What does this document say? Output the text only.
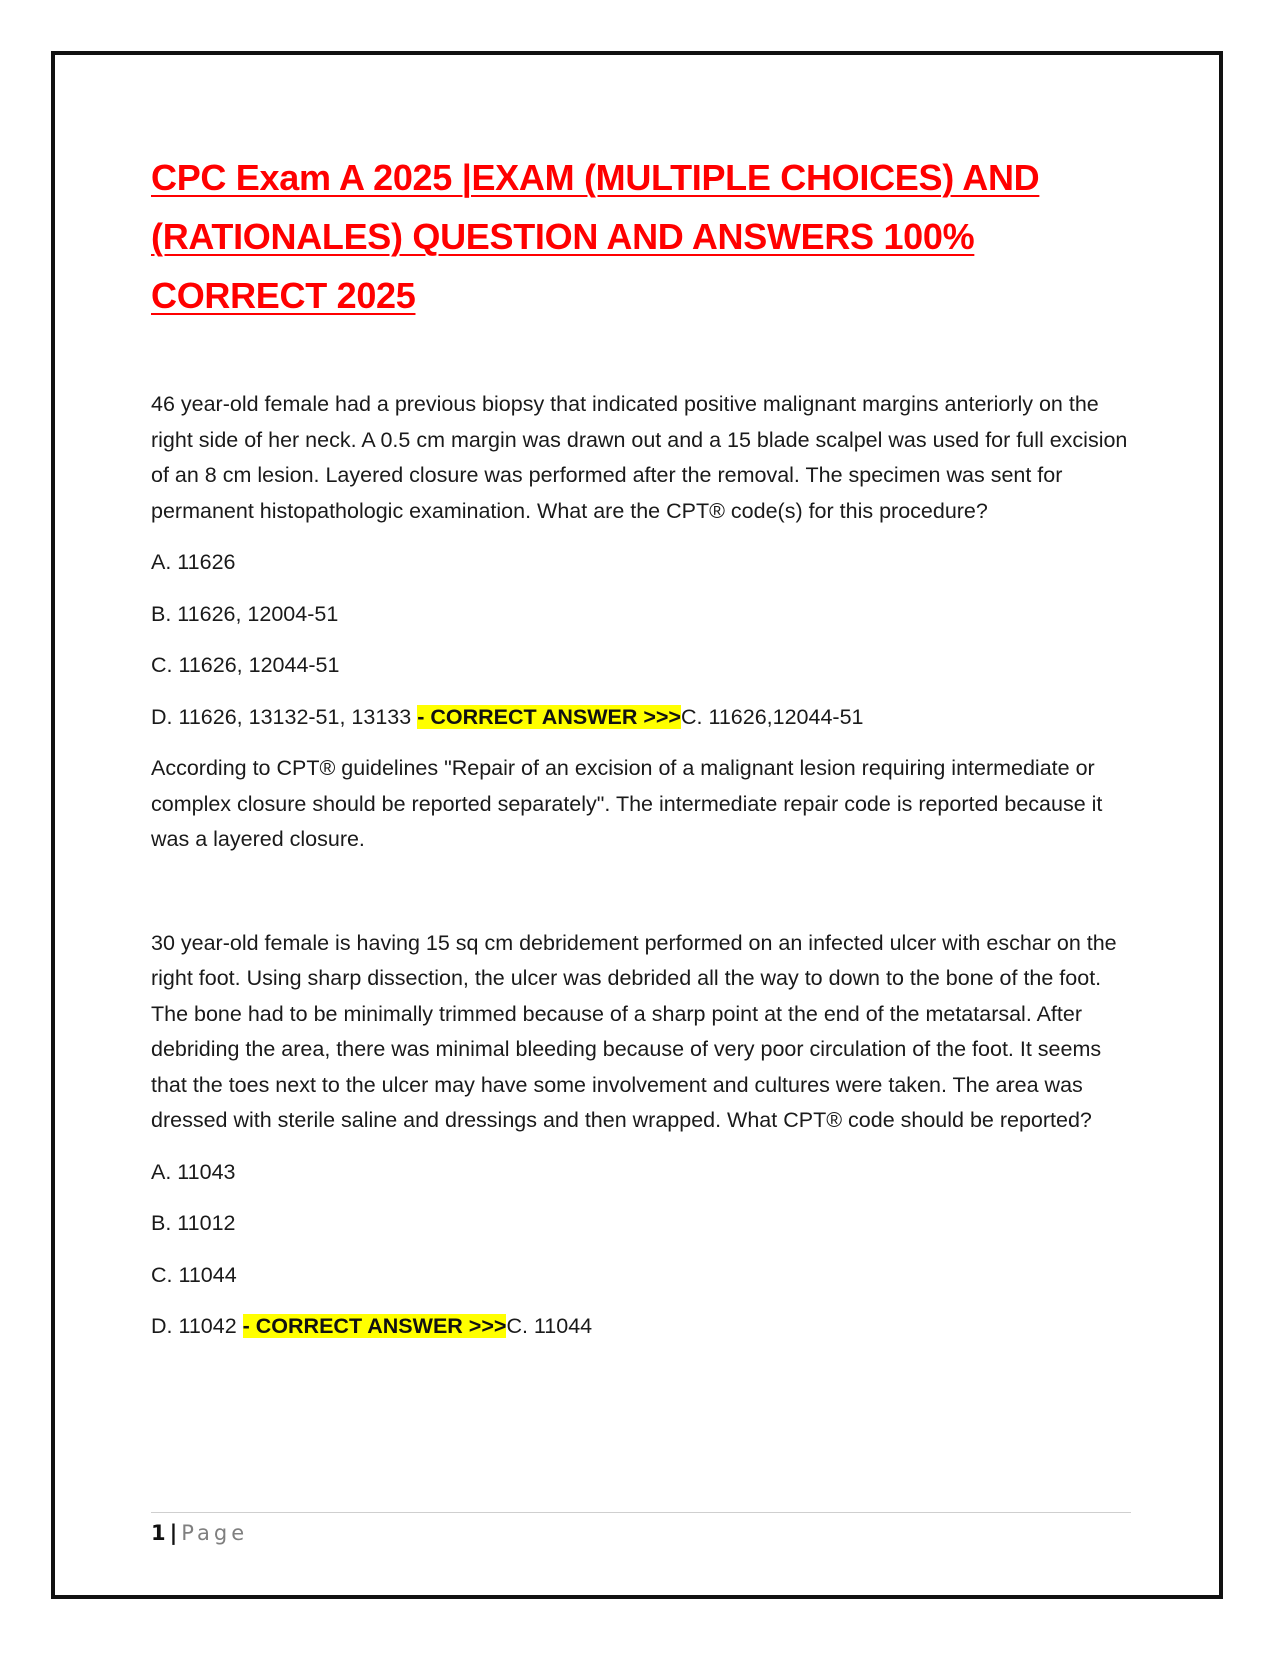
CPC Exam A 2025 |EXAM (MULTIPLE CHOICES) AND (RATIONALES) QUESTION AND ANSWERS 100% CORRECT 2025

46 year-old female had a previous biopsy that indicated positive malignant margins anteriorly on the right side of her neck. A 0.5 cm margin was drawn out and a 15 blade scalpel was used for full excision of an 8 cm lesion. Layered closure was performed after the removal. The specimen was sent for permanent histopathologic examination. What are the CPT® code(s) for this procedure?

A. 11626

B. 11626, 12004-51

C. 11626, 12044-51

D. 11626, 13132-51, 13133 - CORRECT ANSWER >>>C. 11626,12044-51

According to CPT® guidelines "Repair of an excision of a malignant lesion requiring intermediate or complex closure should be reported separately". The intermediate repair code is reported because it was a layered closure.

30 year-old female is having 15 sq cm debridement performed on an infected ulcer with eschar on the right foot. Using sharp dissection, the ulcer was debrided all the way to down to the bone of the foot. The bone had to be minimally trimmed because of a sharp point at the end of the metatarsal. After debriding the area, there was minimal bleeding because of very poor circulation of the foot. It seems that the toes next to the ulcer may have some involvement and cultures were taken. The area was dressed with sterile saline and dressings and then wrapped. What CPT® code should be reported?

A. 11043

B. 11012

C. 11044

D. 11042 - CORRECT ANSWER >>>C. 11044

1 | Page
